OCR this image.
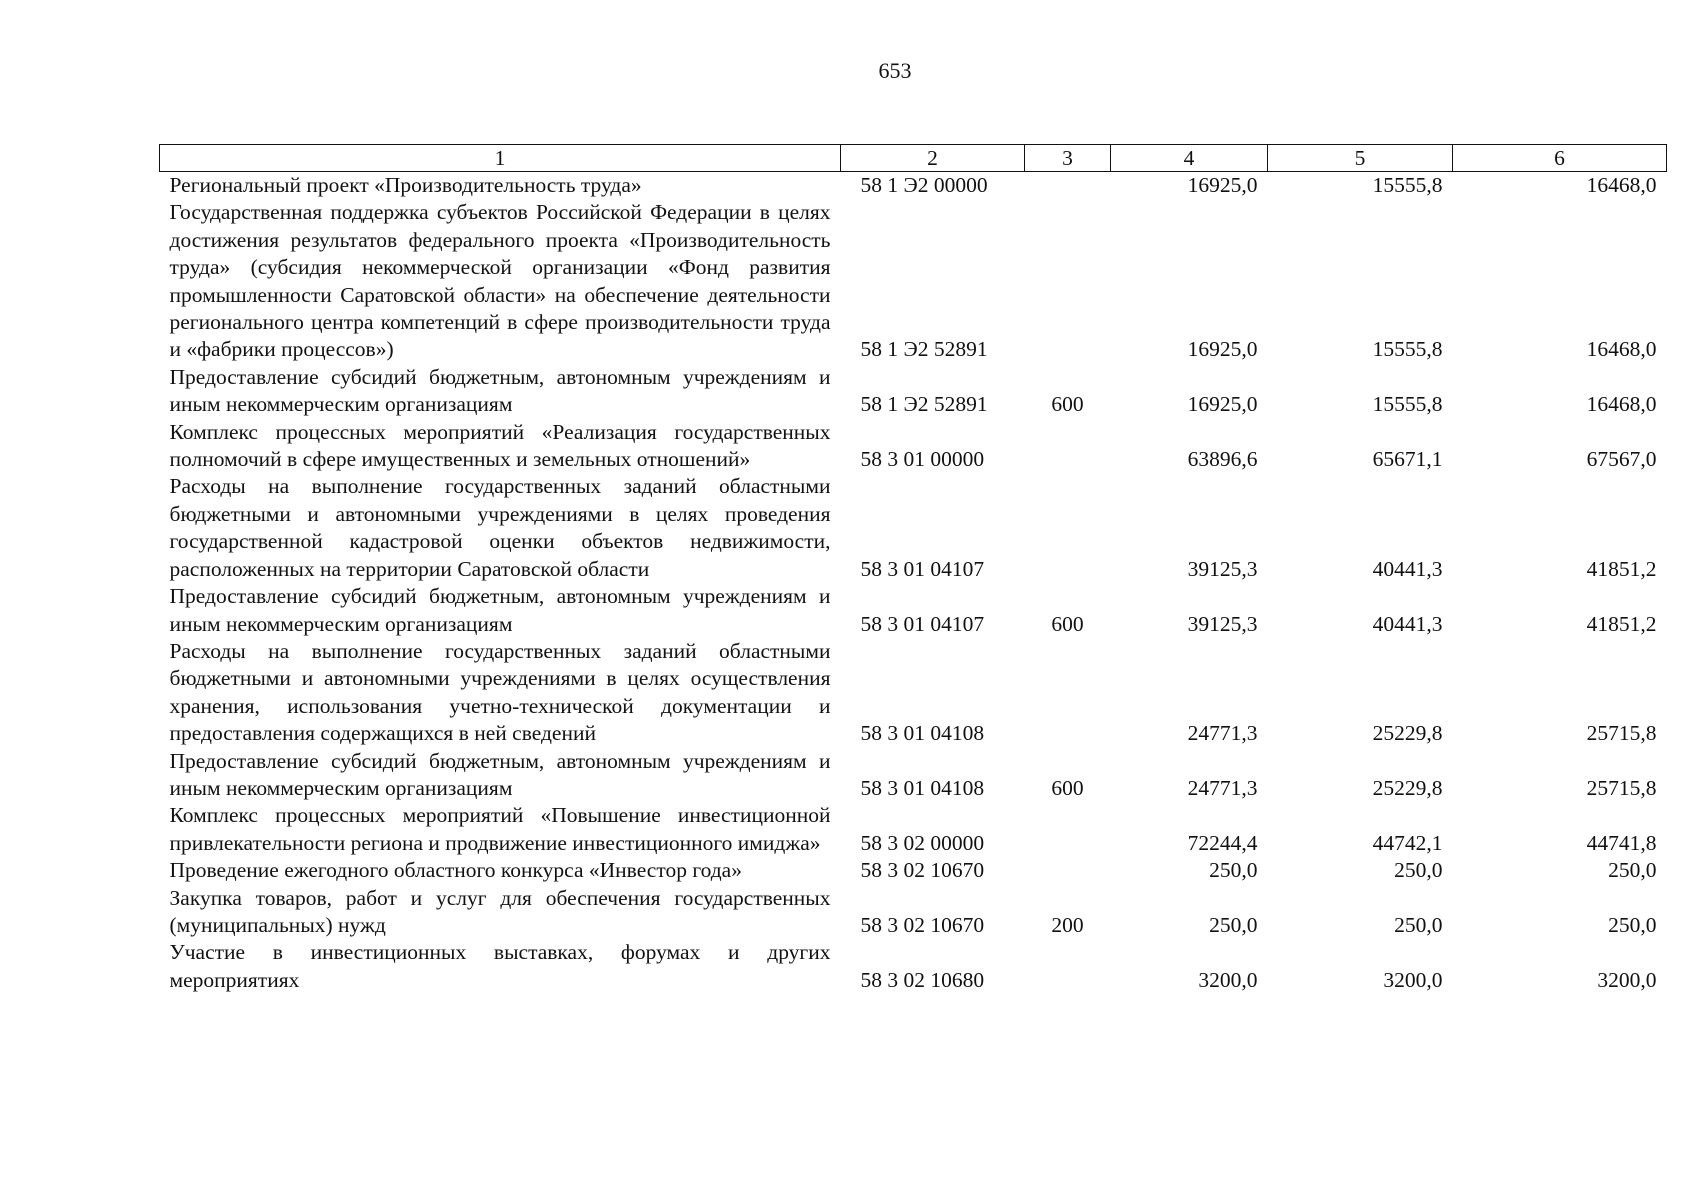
653
1	2	3	4	5	6
Региональный проект «Производительность труда»	58 1 Э2 00000		16925,0	15555,8	16468,0
Государственная поддержка субъектов Российской Федерации в целях достижения результатов федерального проекта «Производительность труда» (субсидия некоммерческой организации «Фонд развития промышленности Саратовской области» на обеспечение деятельности регионального центра компетенций в сфере производительности труда и «фабрики процессов»)	58 1 Э2 52891		16925,0	15555,8	16468,0
Предоставление субсидий бюджетным, автономным учреждениям и иным некоммерческим организациям	58 1 Э2 52891	600	16925,0	15555,8	16468,0
Комплекс процессных мероприятий «Реализация государственных полномочий в сфере имущественных и земельных отношений»	58 3 01 00000		63896,6	65671,1	67567,0
Расходы на выполнение государственных заданий областными бюджетными и автономными учреждениями в целях проведения государственной кадастровой оценки объектов недвижимости, расположенных на территории Саратовской области	58 3 01 04107		39125,3	40441,3	41851,2
Предоставление субсидий бюджетным, автономным учреждениям и иным некоммерческим организациям	58 3 01 04107	600	39125,3	40441,3	41851,2
Расходы на выполнение государственных заданий областными бюджетными и автономными учреждениями в целях осуществления хранения, использования учетно-технической документации и предоставления содержащихся в ней сведений	58 3 01 04108		24771,3	25229,8	25715,8
Предоставление субсидий бюджетным, автономным учреждениям и иным некоммерческим организациям	58 3 01 04108	600	24771,3	25229,8	25715,8
Комплекс процессных мероприятий «Повышение инвестиционной привлекательности региона и продвижение инвестиционного имиджа»	58 3 02 00000		72244,4	44742,1	44741,8
Проведение ежегодного областного конкурса «Инвестор года»	58 3 02 10670		250,0	250,0	250,0
Закупка товаров, работ и услуг для обеспечения государственных (муниципальных) нужд	58 3 02 10670	200	250,0	250,0	250,0
Участие в инвестиционных выставках, форумах и других мероприятиях	58 3 02 10680		3200,0	3200,0	3200,0
